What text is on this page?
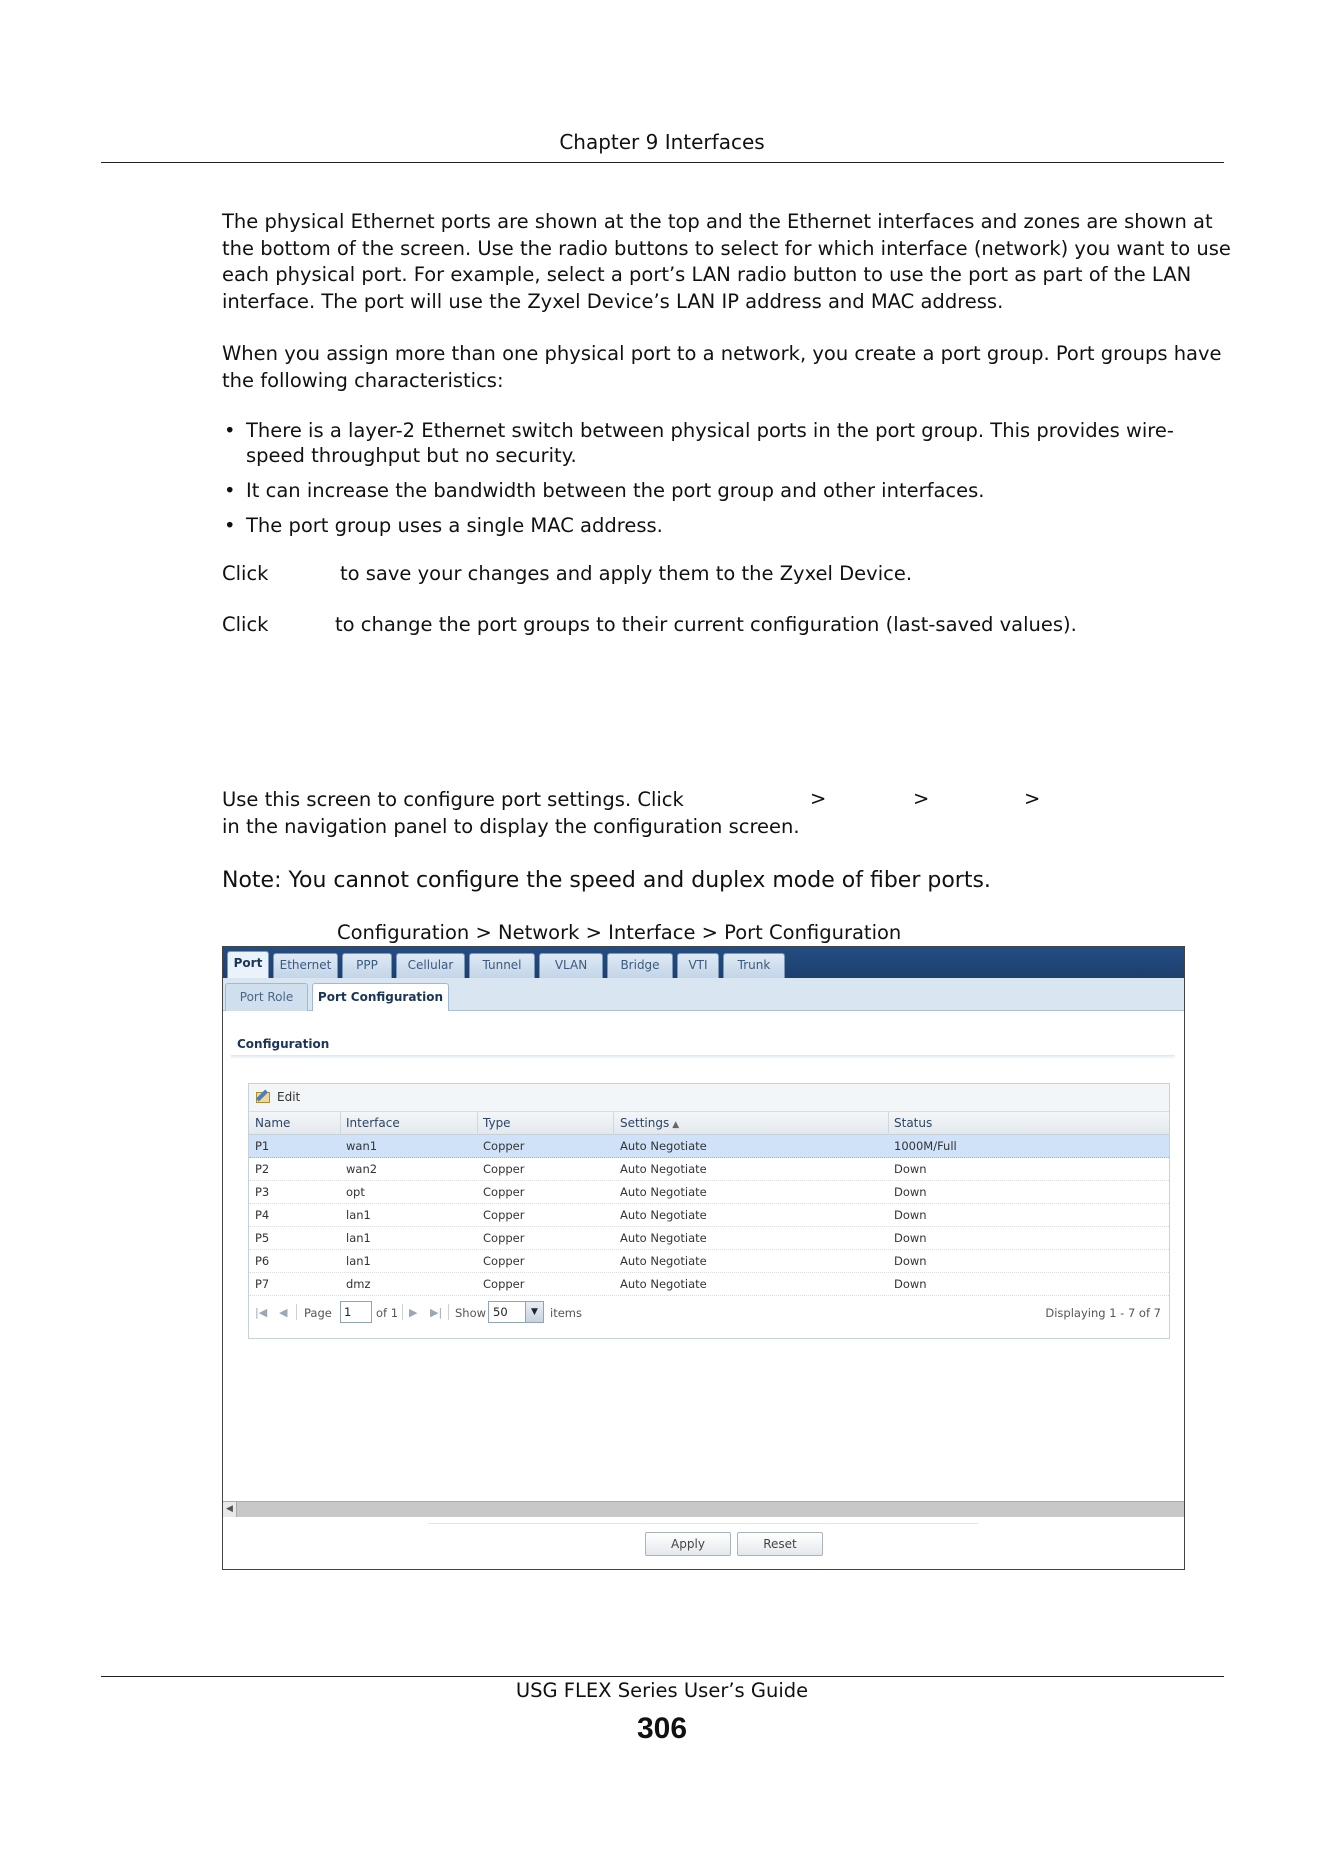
Chapter 9 Interfaces

The physical Ethernet ports are shown at the top and the Ethernet interfaces and zones are shown at the bottom of the screen. Use the radio buttons to select for which interface (network) you want to use each physical port. For example, select a port’s LAN radio button to use the port as part of the LAN interface. The port will use the Zyxel Device’s LAN IP address and MAC address.

When you assign more than one physical port to a network, you create a port group. Port groups have the following characteristics:

• There is a layer-2 Ethernet switch between physical ports in the port group. This provides wire-speed throughput but no security.
• It can increase the bandwidth between the port group and other interfaces.
• The port group uses a single MAC address.
Click	to save your changes and apply them to the Zyxel Device.
Click	to change the port groups to their current configuration (last-saved values).
Use this screen to configure port settings. Click	>	>	>
in the navigation panel to display the configuration screen.
Note: You cannot configure the speed and duplex mode of fiber ports.
Configuration > Network > Interface > Port Configuration
Port	Ethernet	PPP	Cellular	Tunnel	VLAN	Bridge	VTI	Trunk
Port Role	Port Configuration
Configuration
Edit
Name	Interface	Type	Settings ▲	Status
P1	wan1	Copper	Auto Negotiate	1000M/Full
P2	wan2	Copper	Auto Negotiate	Down
P3	opt	Copper	Auto Negotiate	Down
P4	lan1	Copper	Auto Negotiate	Down
P5	lan1	Copper	Auto Negotiate	Down
P6	lan1	Copper	Auto Negotiate	Down
P7	dmz	Copper	Auto Negotiate	Down
|◀ ◀ Page	1	of 1 ▶ ▶| Show 50	▼	items	Displaying 1 - 7 of 7
◀
Apply	Reset
USG FLEX Series User’s Guide
306
